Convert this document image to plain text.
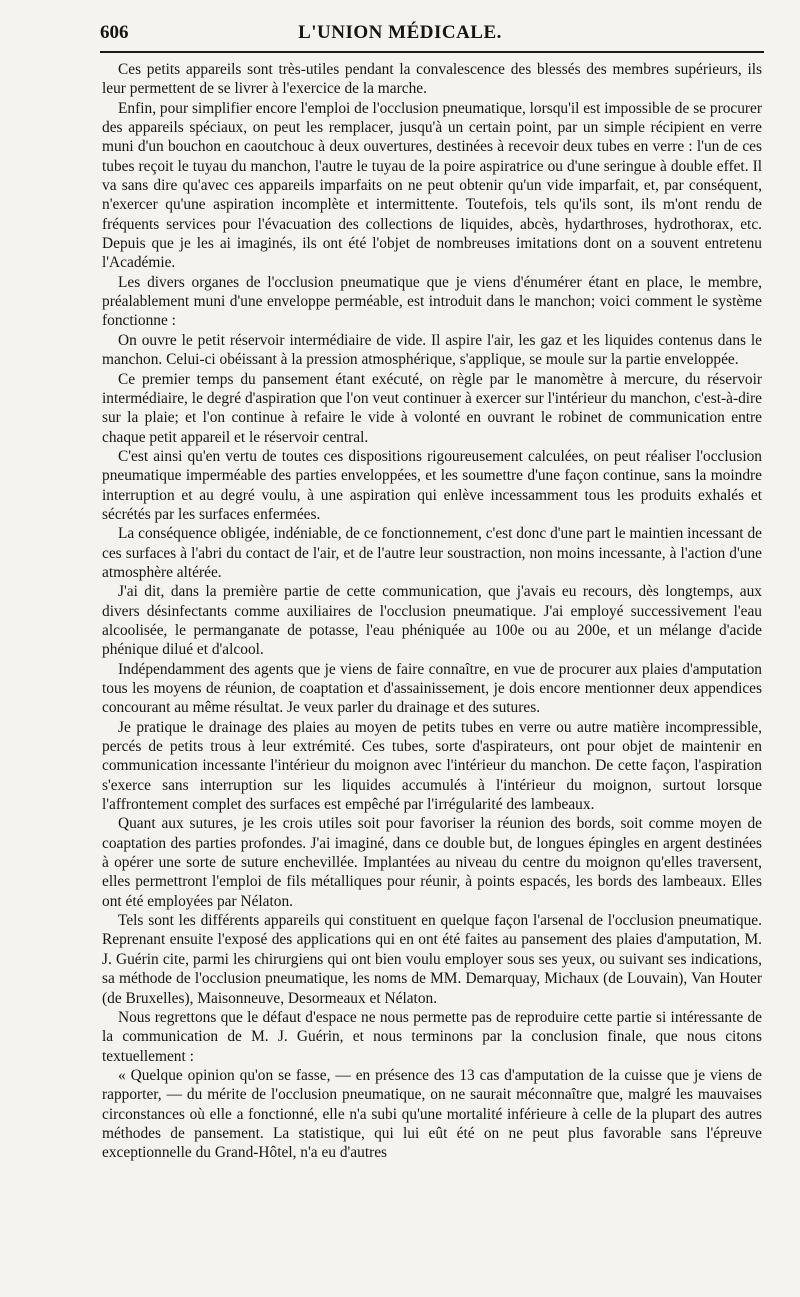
606	L'UNION MÉDICALE.

Ces petits appareils sont très-utiles pendant la convalescence des blessés des membres supérieurs, ils leur permettent de se livrer à l'exercice de la marche.

Enfin, pour simplifier encore l'emploi de l'occlusion pneumatique, lorsqu'il est impossible de se procurer des appareils spéciaux, on peut les remplacer, jusqu'à un certain point, par un simple récipient en verre muni d'un bouchon en caoutchouc à deux ouvertures, destinées à recevoir deux tubes en verre : l'un de ces tubes reçoit le tuyau du manchon, l'autre le tuyau de la poire aspiratrice ou d'une seringue à double effet. Il va sans dire qu'avec ces appareils imparfaits on ne peut obtenir qu'un vide imparfait, et, par conséquent, n'exercer qu'une aspiration incomplète et intermittente. Toutefois, tels qu'ils sont, ils m'ont rendu de fréquents services pour l'évacuation des collections de liquides, abcès, hydarthroses, hydrothorax, etc. Depuis que je les ai imaginés, ils ont été l'objet de nombreuses imitations dont on a souvent entretenu l'Académie.

Les divers organes de l'occlusion pneumatique que je viens d'énumérer étant en place, le membre, préalablement muni d'une enveloppe perméable, est introduit dans le manchon; voici comment le système fonctionne :

On ouvre le petit réservoir intermédiaire de vide. Il aspire l'air, les gaz et les liquides contenus dans le manchon. Celui-ci obéissant à la pression atmosphérique, s'applique, se moule sur la partie enveloppée.

Ce premier temps du pansement étant exécuté, on règle par le manomètre à mercure, du réservoir intermédiaire, le degré d'aspiration que l'on veut continuer à exercer sur l'intérieur du manchon, c'est-à-dire sur la plaie; et l'on continue à refaire le vide à volonté en ouvrant le robinet de communication entre chaque petit appareil et le réservoir central.

C'est ainsi qu'en vertu de toutes ces dispositions rigoureusement calculées, on peut réaliser l'occlusion pneumatique imperméable des parties enveloppées, et les soumettre d'une façon continue, sans la moindre interruption et au degré voulu, à une aspiration qui enlève incessamment tous les produits exhalés et sécrétés par les surfaces enfermées.

La conséquence obligée, indéniable, de ce fonctionnement, c'est donc d'une part le maintien incessant de ces surfaces à l'abri du contact de l'air, et de l'autre leur soustraction, non moins incessante, à l'action d'une atmosphère altérée.

J'ai dit, dans la première partie de cette communication, que j'avais eu recours, dès longtemps, aux divers désinfectants comme auxiliaires de l'occlusion pneumatique. J'ai employé successivement l'eau alcoolisée, le permanganate de potasse, l'eau phéniquée au 100e ou au 200e, et un mélange d'acide phénique dilué et d'alcool.

Indépendamment des agents que je viens de faire connaître, en vue de procurer aux plaies d'amputation tous les moyens de réunion, de coaptation et d'assainissement, je dois encore mentionner deux appendices concourant au même résultat. Je veux parler du drainage et des sutures.

Je pratique le drainage des plaies au moyen de petits tubes en verre ou autre matière incompressible, percés de petits trous à leur extrémité. Ces tubes, sorte d'aspirateurs, ont pour objet de maintenir en communication incessante l'intérieur du moignon avec l'intérieur du manchon. De cette façon, l'aspiration s'exerce sans interruption sur les liquides accumulés à l'intérieur du moignon, surtout lorsque l'affrontement complet des surfaces est empêché par l'irrégularité des lambeaux.

Quant aux sutures, je les crois utiles soit pour favoriser la réunion des bords, soit comme moyen de coaptation des parties profondes. J'ai imaginé, dans ce double but, de longues épingles en argent destinées à opérer une sorte de suture enchevillée. Implantées au niveau du centre du moignon qu'elles traversent, elles permettront l'emploi de fils métalliques pour réunir, à points espacés, les bords des lambeaux. Elles ont été employées par Nélaton.

Tels sont les différents appareils qui constituent en quelque façon l'arsenal de l'occlusion pneumatique. Reprenant ensuite l'exposé des applications qui en ont été faites au pansement des plaies d'amputation, M. J. Guérin cite, parmi les chirurgiens qui ont bien voulu employer sous ses yeux, ou suivant ses indications, sa méthode de l'occlusion pneumatique, les noms de MM. Demarquay, Michaux (de Louvain), Van Houter (de Bruxelles), Maisonneuve, Desormeaux et Nélaton.

Nous regrettons que le défaut d'espace ne nous permette pas de reproduire cette partie si intéressante de la communication de M. J. Guérin, et nous terminons par la conclusion finale, que nous citons textuellement :

« Quelque opinion qu'on se fasse, — en présence des 13 cas d'amputation de la cuisse que je viens de rapporter, — du mérite de l'occlusion pneumatique, on ne saurait méconnaître que, malgré les mauvaises circonstances où elle a fonctionné, elle n'a subi qu'une mortalité inférieure à celle de la plupart des autres méthodes de pansement. La statistique, qui lui eût été on ne peut plus favorable sans l'épreuve exceptionnelle du Grand-Hôtel, n'a eu d'autres
